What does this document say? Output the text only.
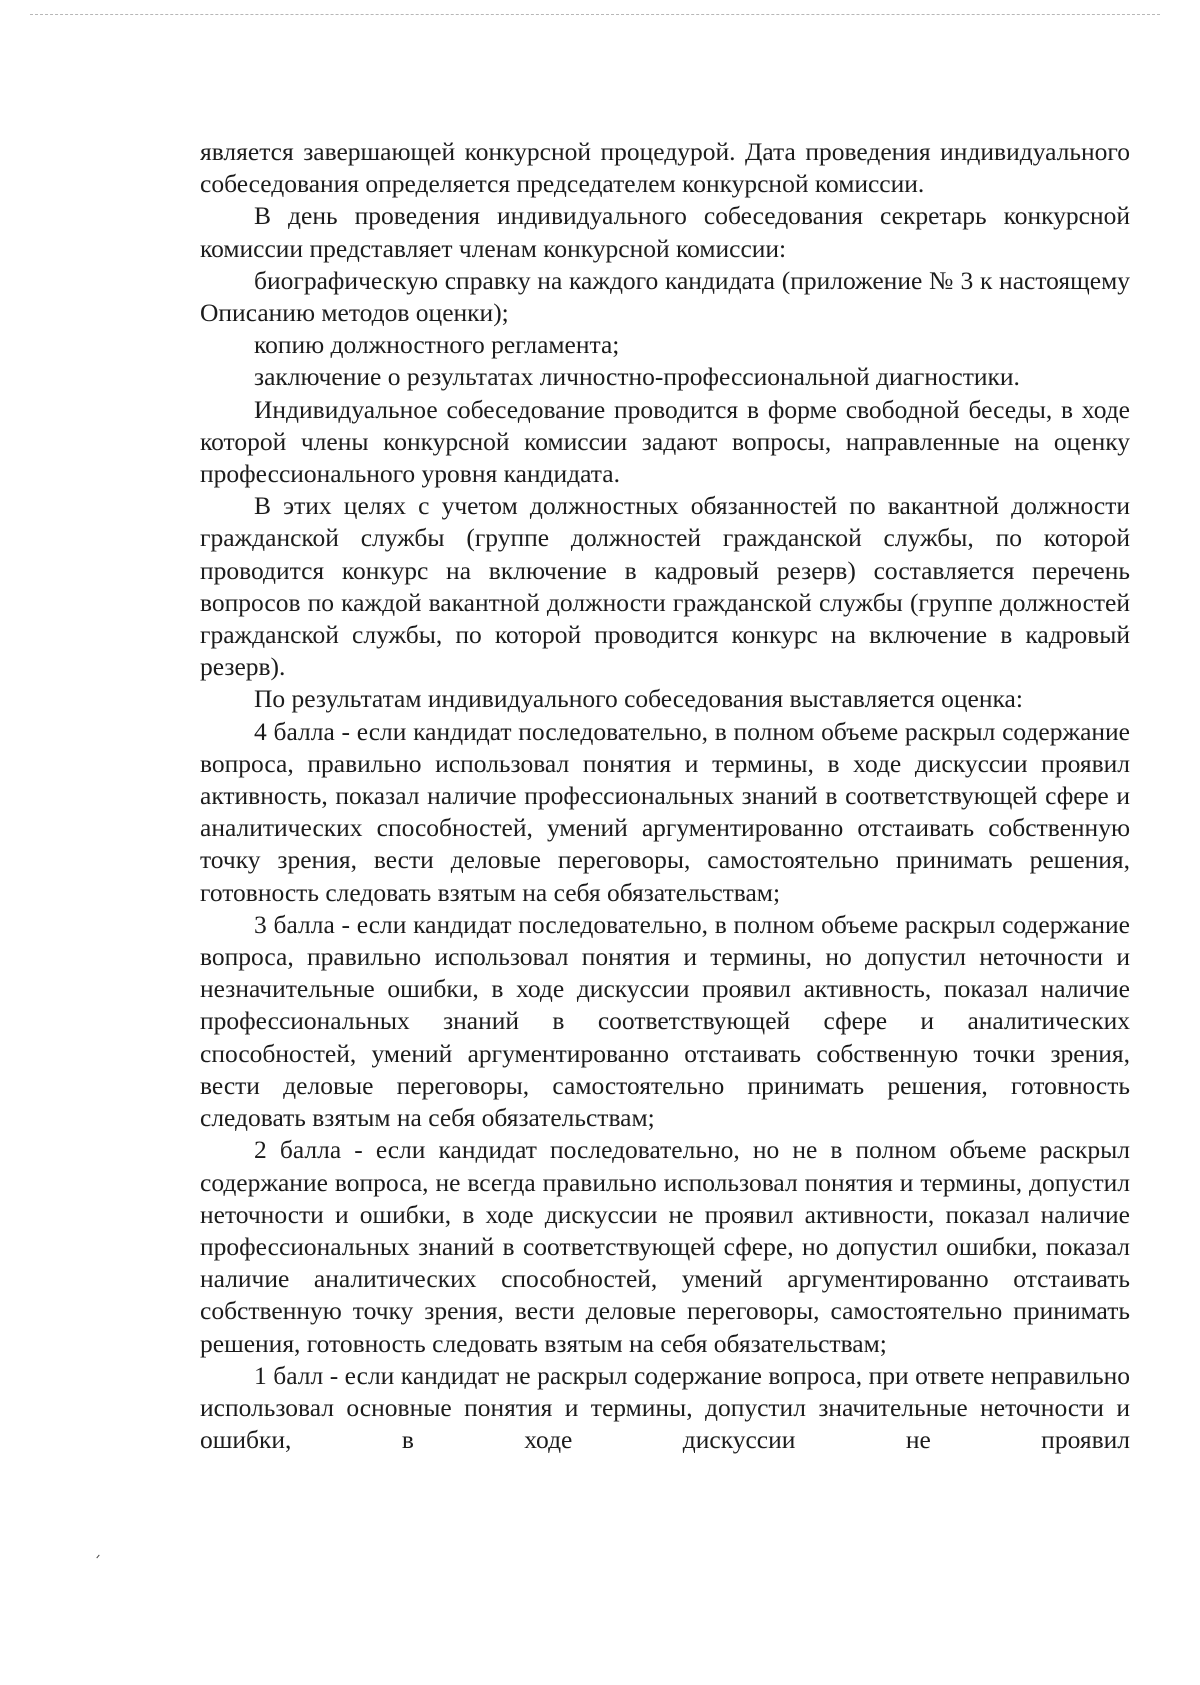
является завершающей конкурсной процедурой. Дата проведения индивидуального собеседования определяется председателем конкурсной комиссии.

В день проведения индивидуального собеседования секретарь конкурсной комиссии представляет членам конкурсной комиссии:

биографическую справку на каждого кандидата (приложение № 3 к настоящему Описанию методов оценки);

копию должностного регламента;

заключение о результатах личностно-профессиональной диагностики.

Индивидуальное собеседование проводится в форме свободной беседы, в ходе которой члены конкурсной комиссии задают вопросы, направленные на оценку профессионального уровня кандидата.

В этих целях с учетом должностных обязанностей по вакантной должности гражданской службы (группе должностей гражданской службы, по которой проводится конкурс на включение в кадровый резерв) составляется перечень вопросов по каждой вакантной должности гражданской службы (группе должностей гражданской службы, по которой проводится конкурс на включение в кадровый резерв).

По результатам индивидуального собеседования выставляется оценка:

4 балла - если кандидат последовательно, в полном объеме раскрыл содержание вопроса, правильно использовал понятия и термины, в ходе дискуссии проявил активность, показал наличие профессиональных знаний в соответствующей сфере и аналитических способностей, умений аргументированно отстаивать собственную точку зрения, вести деловые переговоры, самостоятельно принимать решения, готовность следовать взятым на себя обязательствам;

3 балла - если кандидат последовательно, в полном объеме раскрыл содержание вопроса, правильно использовал понятия и термины, но допустил неточности и незначительные ошибки, в ходе дискуссии проявил активность, показал наличие профессиональных знаний в соответствующей сфере и аналитических способностей, умений аргументированно отстаивать собственную точки зрения, вести деловые переговоры, самостоятельно принимать решения, готовность следовать взятым на себя обязательствам;

2 балла - если кандидат последовательно, но не в полном объеме раскрыл содержание вопроса, не всегда правильно использовал понятия и термины, допустил неточности и ошибки, в ходе дискуссии не проявил активности, показал наличие профессиональных знаний в соответствующей сфере, но допустил ошибки, показал наличие аналитических способностей, умений аргументированно отстаивать собственную точку зрения, вести деловые переговоры, самостоятельно принимать решения, готовность следовать взятым на себя обязательствам;

1 балл - если кандидат не раскрыл содержание вопроса, при ответе неправильно использовал основные понятия и термины, допустил значительные неточности и ошибки, в ходе дискуссии не проявил
